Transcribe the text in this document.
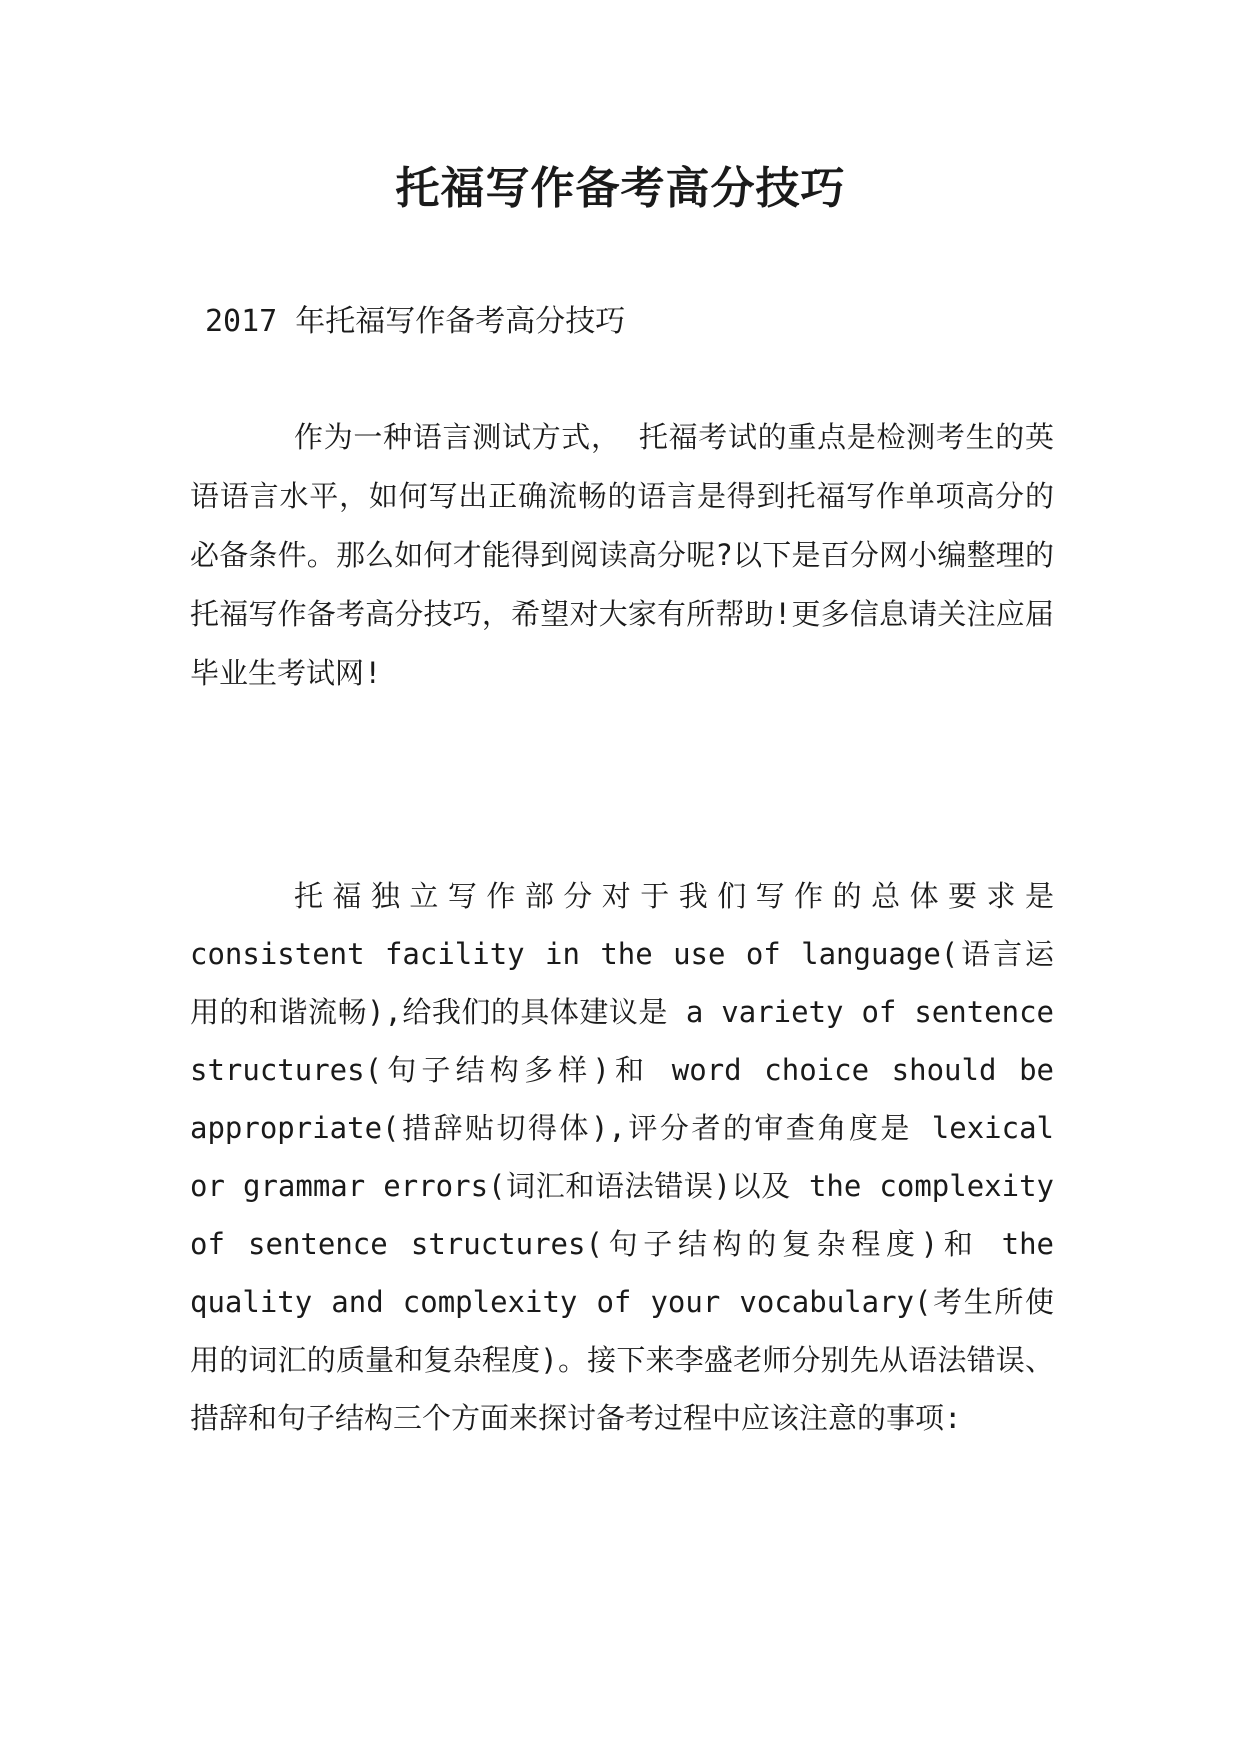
托福写作备考高分技巧

2017 年托福写作备考高分技巧

作为一种语言测试方式， 托福考试的重点是检测考生的英语语言水平，如何写出正确流畅的语言是得到托福写作单项高分的必备条件。那么如何才能得到阅读高分呢?以下是百分网小编整理的托福写作备考高分技巧，希望对大家有所帮助!更多信息请关注应届毕业生考试网!

托福独立写作部分对于我们写作的总体要求是 consistent facility in the use of language(语言运用的和谐流畅),给我们的具体建议是 a variety of sentence structures(句子结构多样)和 word choice should be appropriate(措辞贴切得体),评分者的审查角度是 lexical or grammar errors(词汇和语法错误)以及 the complexity of sentence structures(句子结构的复杂程度)和 the quality and complexity of your vocabulary(考生所使用的词汇的质量和复杂程度)。接下来李盛老师分别先从语法错误、措辞和句子结构三个方面来探讨备考过程中应该注意的事项:
